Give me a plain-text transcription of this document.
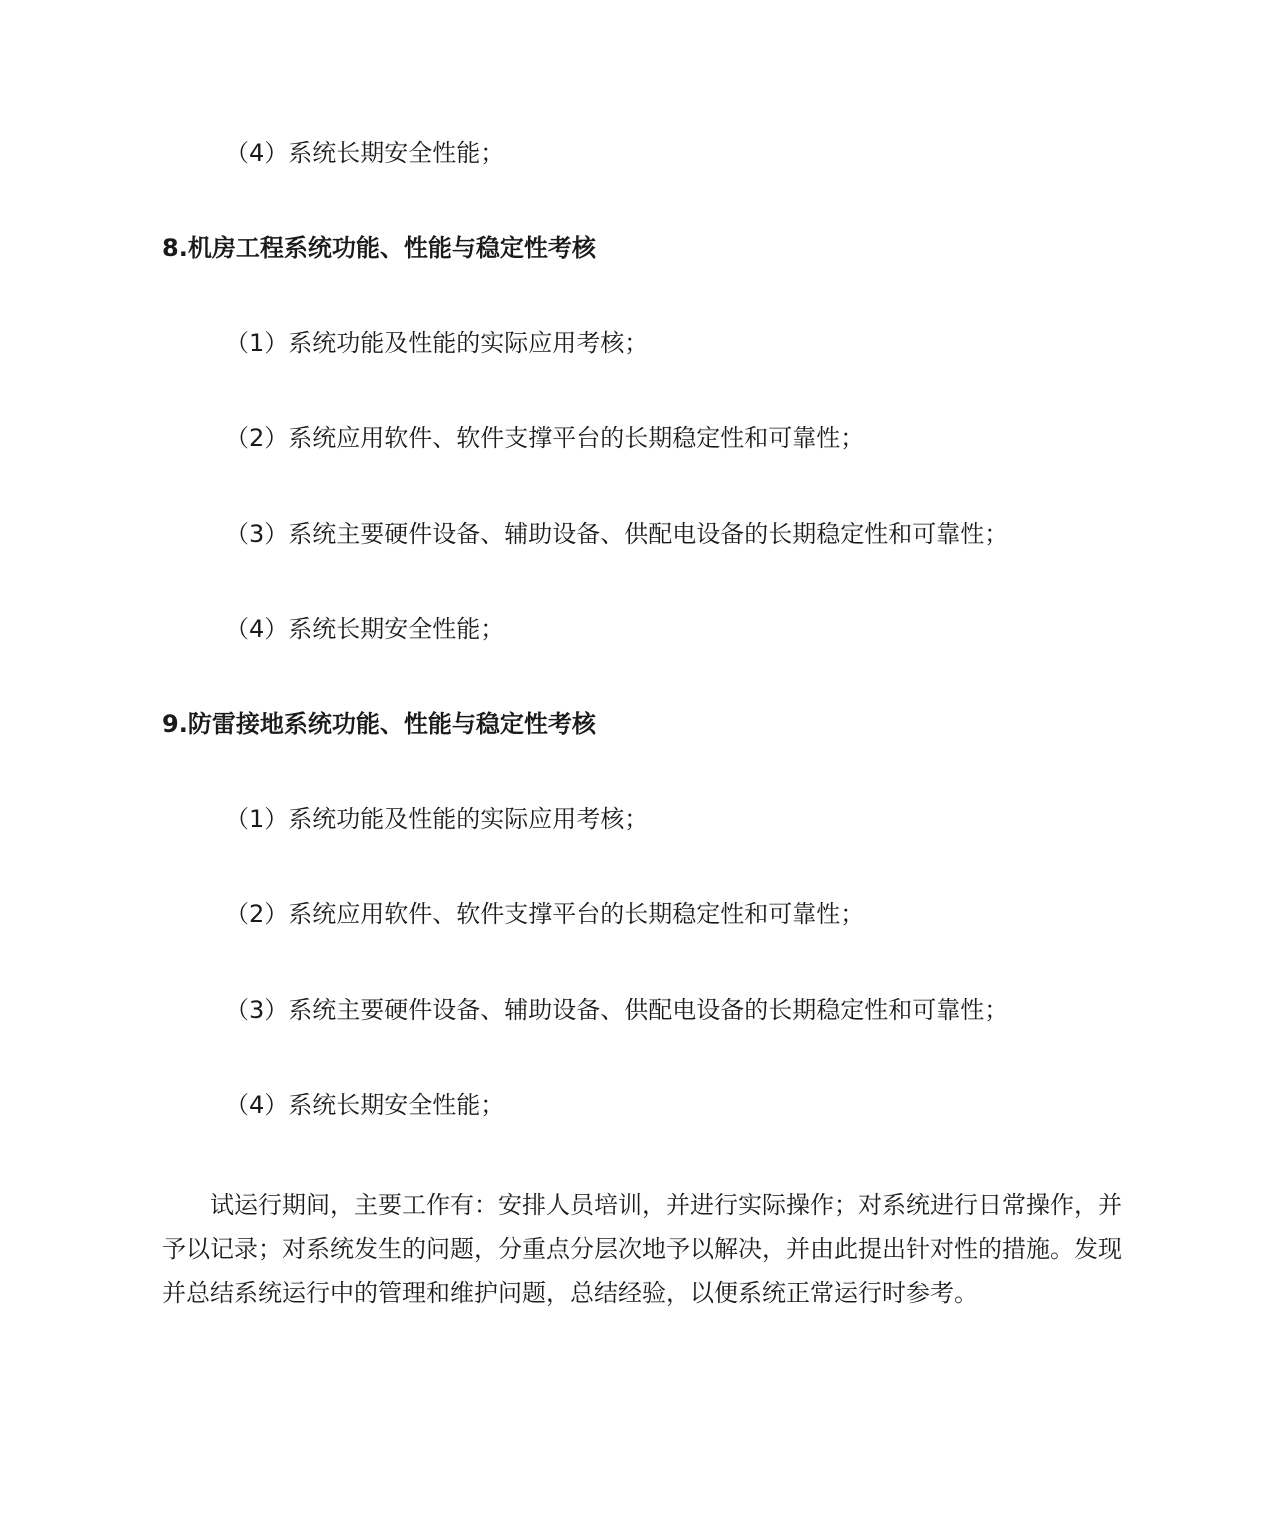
（4）系统长期安全性能；

8.机房工程系统功能、性能与稳定性考核

（1）系统功能及性能的实际应用考核；

（2）系统应用软件、软件支撑平台的长期稳定性和可靠性；

（3）系统主要硬件设备、辅助设备、供配电设备的长期稳定性和可靠性；

（4）系统长期安全性能；

9.防雷接地系统功能、性能与稳定性考核

（1）系统功能及性能的实际应用考核；

（2）系统应用软件、软件支撑平台的长期稳定性和可靠性；

（3）系统主要硬件设备、辅助设备、供配电设备的长期稳定性和可靠性；

（4）系统长期安全性能；

试运行期间，主要工作有：安排人员培训，并进行实际操作；对系统进行日常操作，并予以记录；对系统发生的问题，分重点分层次地予以解决，并由此提出针对性的措施。发现并总结系统运行中的管理和维护问题，总结经验，以便系统正常运行时参考。
